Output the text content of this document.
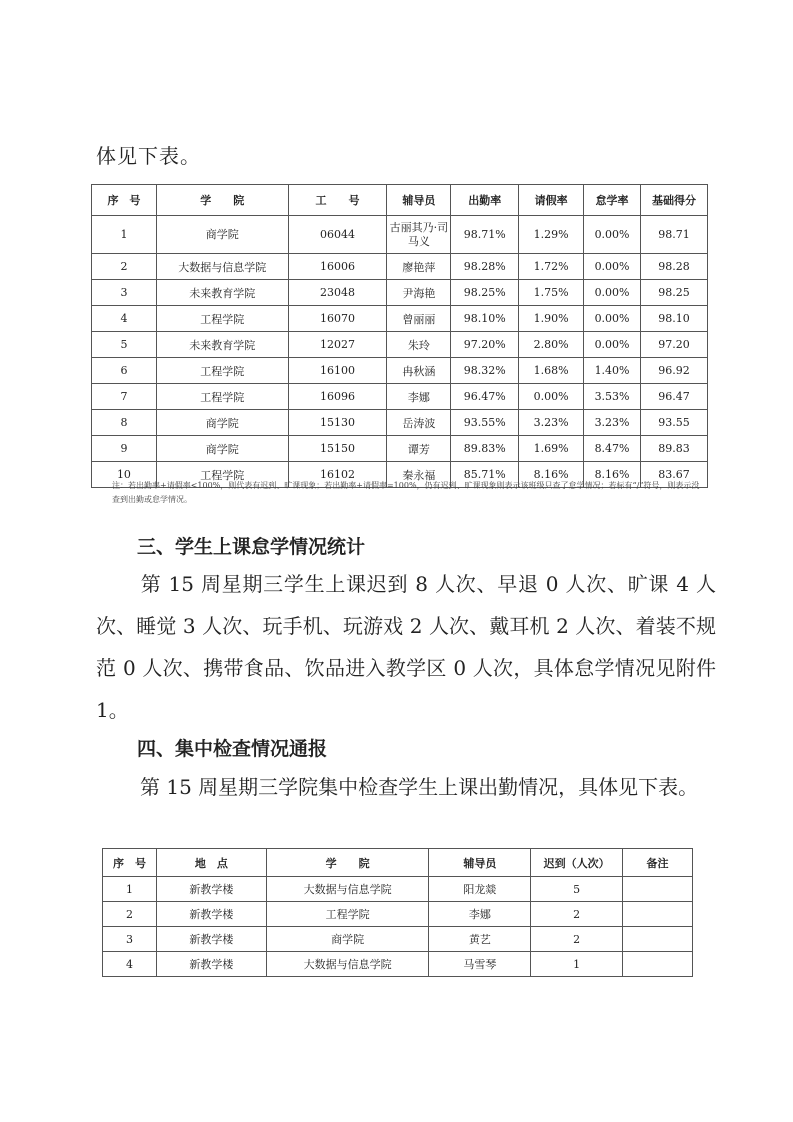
体见下表。
序　号	学　　院	工　　号	辅导员	出勤率	请假率	怠学率	基础得分
1	商学院	06044	古丽其乃·司马义	98.71%	1.29%	0.00%	98.71
2	大数据与信息学院	16006	廖艳萍	98.28%	1.72%	0.00%	98.28
3	未来教育学院	23048	尹海艳	98.25%	1.75%	0.00%	98.25
4	工程学院	16070	曾丽丽	98.10%	1.90%	0.00%	98.10
5	未来教育学院	12027	朱玲	97.20%	2.80%	0.00%	97.20
6	工程学院	16100	冉秋涵	98.32%	1.68%	1.40%	96.92
7	工程学院	16096	李娜	96.47%	0.00%	3.53%	96.47
8	商学院	15130	岳涛波	93.55%	3.23%	3.23%	93.55
9	商学院	15150	谭芳	89.83%	1.69%	8.47%	89.83
10	工程学院	16102	秦永福	85.71%	8.16%	8.16%	83.67
注：若出勤率+请假率<100%，则代表有迟到、旷课现象；若出勤率+请假率=100%，仍有迟到、旷课现象则表示该班级只查了怠学情况；若标有“/”符号，则表示没查到出勤或怠学情况。
三、学生上课怠学情况统计
第 15 周星期三学生上课迟到 8 人次、早退 0 人次、旷课 4 人次、睡觉 3 人次、玩手机、玩游戏 2 人次、戴耳机 2 人次、着装不规范 0 人次、携带食品、饮品进入教学区 0 人次，具体怠学情况见附件 1。
四、集中检查情况通报
第 15 周星期三学院集中检查学生上课出勤情况，具体见下表。
序　号	地　点	学　　院	辅导员	迟到（人次）	备注
1	新教学楼	大数据与信息学院	阳龙燚	5	
2	新教学楼	工程学院	李娜	2	
3	新教学楼	商学院	黄艺	2	
4	新教学楼	大数据与信息学院	马雪琴	1	
